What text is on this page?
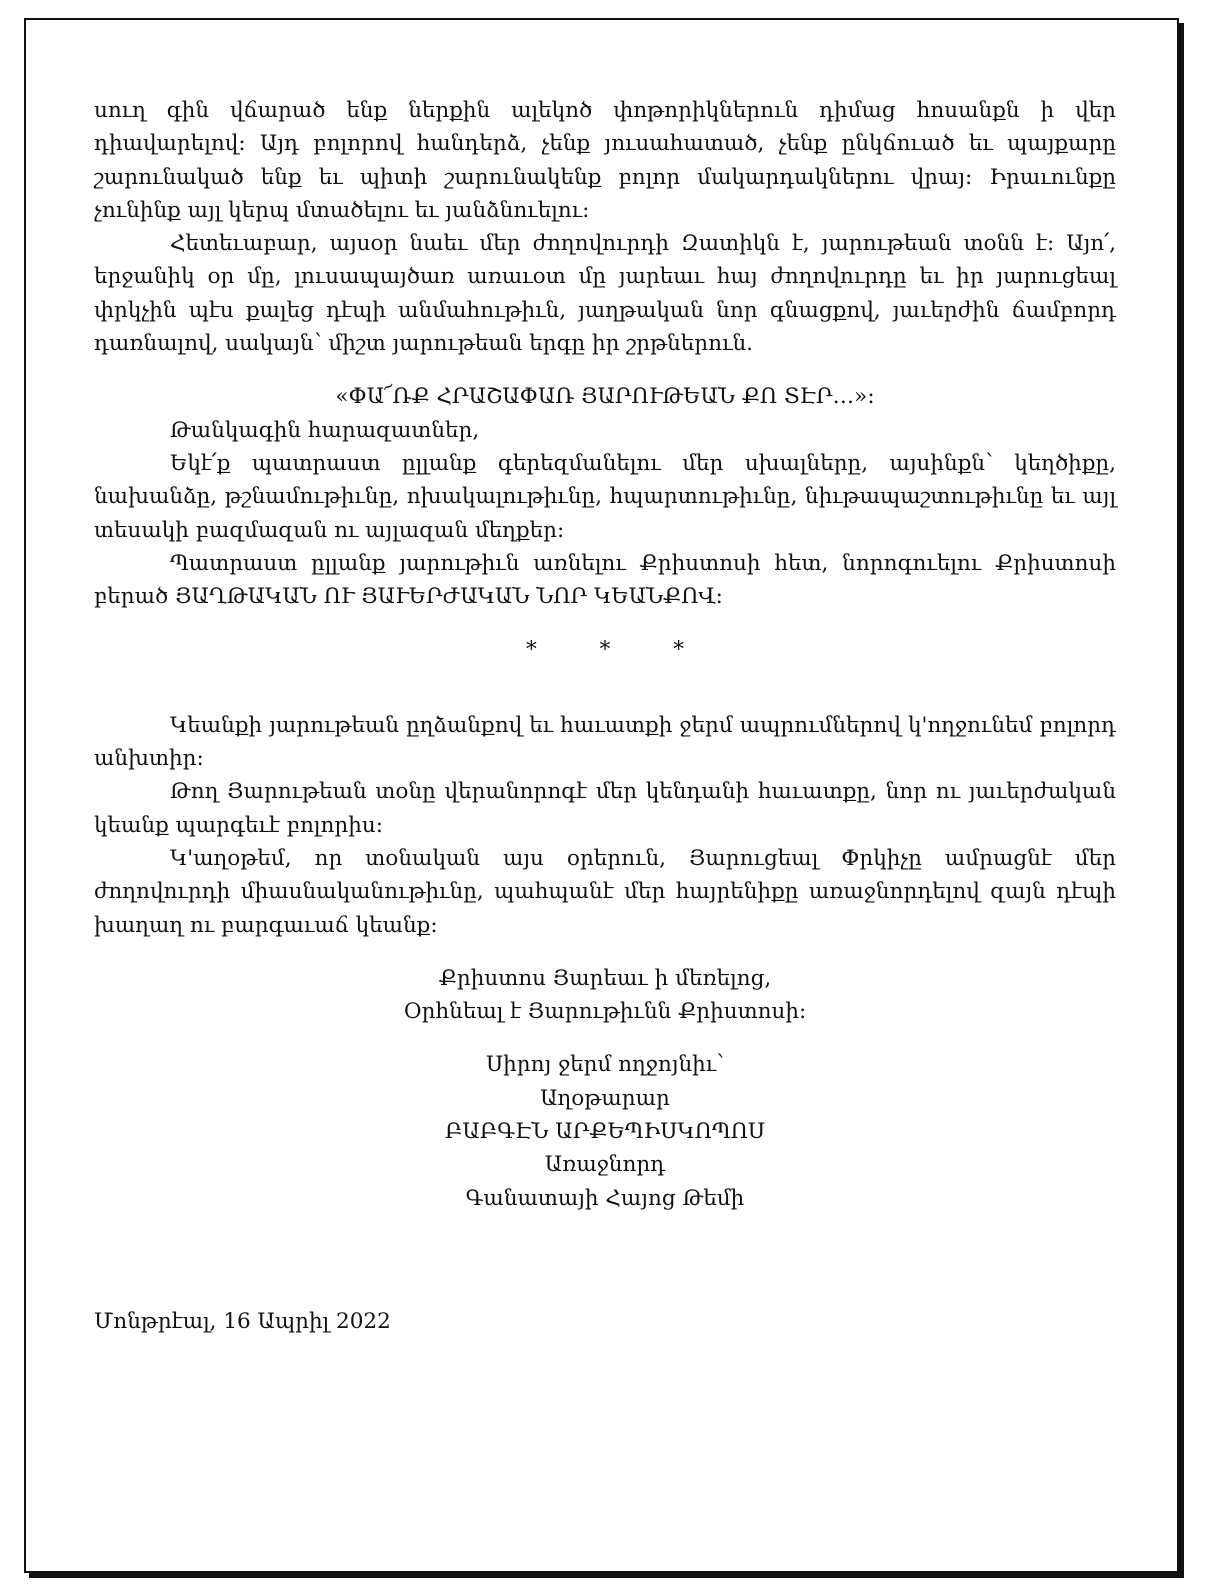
սուղ գին վճարած ենք ներքին ալեկոծ փոթորիկներուն դիմաց հոսանքն ի վեր դիավարելով: Այդ բոլորով հանդերձ, չենք յուսահատած, չենք ընկճուած եւ պայքարը շարունակած ենք եւ պիտի շարունակենք բոլոր մակարդակներու վրայ: Իրաւունքը չունինք այլ կերպ մտածելու եւ յանձնուելու:

Հետեւաբար, այսօր նաեւ մեր ժողովուրդի Զատիկն է, յարութեան տօնն է: Այո՛, երջանիկ օր մը, լուսապայծառ առաւօտ մը յարեաւ հայ ժողովուրդը եւ իր յարուցեալ փրկչին պէս քալեց դէպի անմահութիւն, յաղթական նոր գնացքով, յաւերժին ճամբորդ դառնալով, սակայն՝ միշտ յարութեան երգը իր շրթներուն.

«ՓԱ՜ՌՔ ՀՐԱՇԱՓԱՌ ՅԱՐՈՒԹԵԱՆ ՔՈ ՏԷՐ…»:

Թանկագին հարազատներ,

Եկէ՛ք պատրաստ ըլլանք գերեզմանելու մեր սխալները, այսինքն՝ կեղծիքը, նախանձը, թշնամութիւնը, ոխակալութիւնը, հպարտութիւնը, նիւթապաշտութիւնը եւ այլ տեսակի բազմազան ու այլազան մեղքեր:

Պատրաստ ըլլանք յարութիւն առնելու Քրիստոսի հետ, նորոգուելու Քրիստոսի բերած ՅԱՂԹԱԿԱՆ ՈՒ ՅԱՒԵՐԺԱԿԱՆ ՆՈՐ ԿԵԱՆՔՈՎ:

*	*	*

Կեանքի յարութեան ըղձանքով եւ հաւատքի ջերմ ապրումներով կ'ողջունեմ բոլորդ անխտիր:

Թող Յարութեան տօնը վերանորոգէ մեր կենդանի հաւատքը, նոր ու յաւերժական կեանք պարգեւէ բոլորիս:

Կ'աղօթեմ, որ տօնական այս օրերուն, Յարուցեալ Փրկիչը ամրացնէ մեր ժողովուրդի միասնականութիւնը, պահպանէ մեր հայրենիքը առաջնորդելով զայն դէպի խաղաղ ու բարգաւաճ կեանք:

Քրիստոս Յարեաւ ի մեռելոց,

Օրհնեալ է Յարութիւնն Քրիստոսի:

Սիրոյ ջերմ ողջոյնիւ՝

Աղօթարար

ԲԱԲԳԷՆ ԱՐՔԵՊԻՍԿՈՊՈՍ

Առաջնորդ

Գանատայի Հայոց Թեմի

Մոնթրէալ, 16 Ապրիլ 2022
